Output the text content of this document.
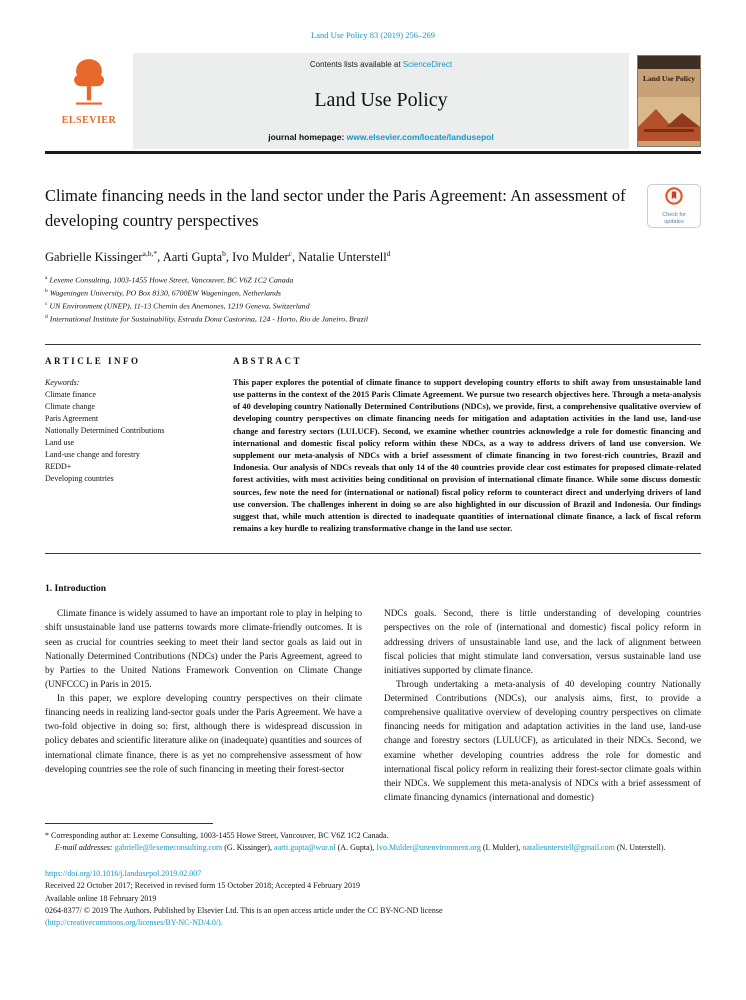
Land Use Policy 83 (2019) 256–269
ELSEVIER
Contents lists available at ScienceDirect
Land Use Policy
journal homepage: www.elsevier.com/locate/landusepol
Land Use Policy
Climate financing needs in the land sector under the Paris Agreement: An assessment of developing country perspectives	Check for updates
Gabrielle Kissinger$^{a,b,*}$, Aarti Gupta$^b$, Ivo Mulder$^c$, Natalie Unterstell$^d$
$^a$ Lexeme Consulting, 1003-1455 Howe Street, Vancouver, BC V6Z 1C2 Canada
$^b$ Wageningen University, PO Box 8130, 6700EW Wageningen, Netherlands
$^c$ UN Environment (UNEP), 11-13 Chemin des Anemones, 1219 Geneva, Switzerland
$^d$ International Institute for Sustainability, Estrada Dona Castorina, 124 - Horto, Rio de Janeiro, Brazil
ARTICLE INFO
Keywords:
Climate finance
Climate change
Paris Agreement
Nationally Determined Contributions
Land use
Land-use change and forestry
REDD+
Developing countries
ABSTRACT
This paper explores the potential of climate finance to support developing country efforts to shift away from unsustainable land use patterns in the context of the 2015 Paris Climate Agreement. We pursue two research objectives here. Through a meta-analysis of 40 developing country Nationally Determined Contributions (NDCs), we provide, first, a comprehensive qualitative overview of developing country perspectives on climate financing needs for mitigation and adaptation activities in the land use, land-use change and forestry sectors (LULUCF). Second, we examine whether countries acknowledge a role for domestic financing and international and domestic fiscal policy reform within these NDCs, as a way to address drivers of land use conversion. We supplement our meta-analysis of NDCs with a brief assessment of climate financing in two forest-rich countries, Brazil and Indonesia. Our analysis of NDCs reveals that only 14 of the 40 countries provide clear cost estimates for proposed climate-related forest activities, with most activities being conditional on provision of international climate finance. While some discuss domestic sources, few note the need for (international or national) fiscal policy reform to counteract direct and underlying drivers of land use conversion. The challenges inherent in doing so are also highlighted in our discussion of Brazil and Indonesia. Our findings suggest that, while much attention is directed to inadequate quantities of international climate finance, a lack of fiscal reform remains a key hurdle to realizing transformative change in the land use sector.
1. Introduction

Climate finance is widely assumed to have an important role to play in helping to shift unsustainable land use patterns towards more climate-friendly outcomes. It is seen as crucial for countries seeking to meet their land sector goals as laid out in Nationally Determined Contributions (NDCs) under the Paris Agreement, agreed to by Parties to the United Nations Framework Convention on Climate Change (UNFCCC) in Paris in 2015.

In this paper, we explore developing country perspectives on their climate financing needs in realizing land-sector goals under the Paris Agreement. We have a two-fold objective in doing so: first, although there is widespread discussion in policy debates and scientific literature alike on (inadequate) quantities and sources of international climate finance, there is as yet no comprehensive assessment of how developing countries see the role of such financing in meeting their forest-sector

NDCs goals. Second, there is little understanding of developing countries perspectives on the role of (international and domestic) fiscal policy reform in addressing drivers of unsustainable land use, and the lack of alignment between fiscal policies that might stimulate land conversation, versus sustainable land use initiatives supported by climate finance.

Through undertaking a meta-analysis of 40 developing country Nationally Determined Contributions (NDCs), our analysis aims, first, to provide a comprehensive qualitative overview of developing country perspectives on climate financing needs for mitigation and adaptation activities in the land use, land-use change and forestry sectors (LULUCF), as articulated in their NDCs. Second, we examine whether developing countries address the role for domestic and international fiscal policy reform in realizing their forest-sector climate goals within their NDCs. We supplement this meta-analysis of NDCs with a brief assessment of climate financing dynamics (international and domestic)

* Corresponding author at: Lexeme Consulting, 1003-1455 Howe Street, Vancouver, BC V6Z 1C2 Canada.
E-mail addresses: gabrielle@lexemeconsulting.com (G. Kissinger), aarti.gupta@wur.nl (A. Gupta), Ivo.Mulder@unenvironment.org (I. Mulder), natalieunterstell@gmail.com (N. Unterstell).
https://doi.org/10.1016/j.landusepol.2019.02.007
Received 22 October 2017; Received in revised form 15 October 2018; Accepted 4 February 2019
Available online 18 February 2019
0264-8377/ © 2019 The Authors. Published by Elsevier Ltd. This is an open access article under the CC BY-NC-ND license
(http://creativecommons.org/licenses/BY-NC-ND/4.0/).
